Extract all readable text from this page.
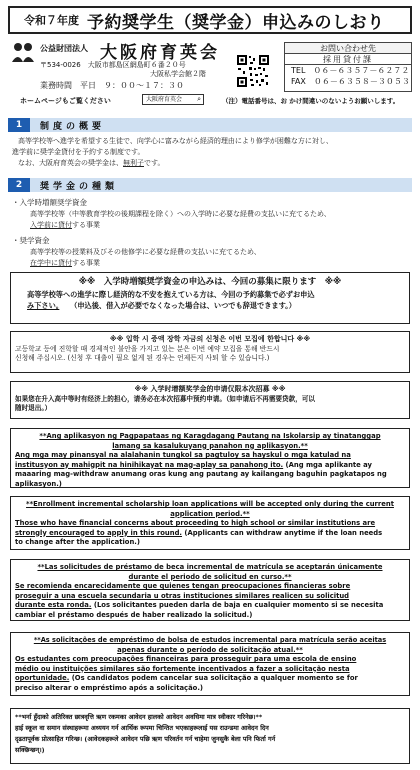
令和７年度 予約奨学生（奨学金）申込みのしおり
公益財団法人 大阪府育英会
〒534-0026　大阪市都島区網島町６番２０号
大阪私学会館２階
業務時間　平日　９：００～１７：３０
ホームページもご覧ください	大阪府育英会 ⌕	（注）電話番号は、お かけ間違いのないようお願いします。
お問い合わせ先
採用貸付課
TEL　０６－６３５７－６２７２
FAX　０６－６３５８－３０５３
1	制度の概要
高等学校等へ進学を希望する生徒で、向学心に富みながら経済的理由により修学が困難な方に対し、
進学前に奨学金貸付を予約する制度です。
なお、大阪府育英会の奨学金は、無利子です。
2	奨学金の種類
・入学時増額奨学資金
高等学校等（中等教育学校の後期課程を除く）への入学時に必要な経費の支払いに充てるため、
入学前に貸付する事業
・奨学資金
高等学校等の授業料及びその他修学に必要な経費の支払いに充てるため、
在学中に貸付する事業
※※　入学時増額奨学資金の申込みは、今回の募集に限ります　※※
高等学校等への進学に際し経済的な不安を抱えている方は、今回の予約募集で必ずお申込
み下さい。　　 （申込後、借入が必要でなくなった場合は、いつでも辞退できます。）
※※ 입학 시 증액 장학 자금의 신청은 이번 모집에 한합니다 ※※
고등학교 등에 진학할 때 경제적인 불안을 가지고 있는 분은 이번 예약 모집을 통해 반드시
신청해 주십시오. (신청 후 대출이 필요 없게 된 경우는 언제든지 사퇴 할 수 있습니다.)
※※ 入学时增额奖学金的申请仅限本次招募 ※※
如果您在升入高中等时有经济上的担心，请务必在本次招募中预约申请。（如申请后不再需要贷款，可以
随时退出。）
**Ang aplikasyon ng Pagpapataas ng Karagdagang Pautang na Iskolarsip ay tinatanggap
lamang sa kasalukuyang panahon ng aplikasyon.**
Ang mga may pinansyal na alalahanin tungkol sa pagtuloy sa hayskul o mga katulad na
institusyon ay mahigpit na hinihikayat na mag-aplay sa panahong ito. (Ang mga aplikante ay
maaaring mag-withdraw anumang oras kung ang pautang ay kailangang baguhin pagkatapos ng
aplikasyon.)
**Enrollment incremental scholarship loan applications will be accepted only during the current
application period.**
Those who have financial concerns about proceeding to high school or similar institutions are
strongly encouraged to apply in this round. (Applicants can withdraw anytime if the loan needs
to change after the application.)
**Las solicitudes de préstamo de beca incremental de matrícula se aceptarán únicamente
durante el periodo de solicitud en curso.**
Se recomienda encarecidamente que quienes tengan preocupaciones financieras sobre
proseguir a una escuela secundaria u otras instituciones similares realicen su solicitud
durante esta ronda. (Los solicitantes pueden darla de baja en cualquier momento si se necesita
cambiar el préstamo después de haber realizado la solicitud.)
**As solicitações de empréstimo de bolsa de estudos incremental para matrícula serão aceitas
apenas durante o período de solicitação atual.**
Os estudantes com preocupações financeiras para prosseguir para uma escola de ensino
médio ou instituições similares são fortemente incentivados a fazer a solicitação nesta
oportunidade. (Os candidatos podem cancelar sua solicitação a qualquer momento se for
preciso alterar o empréstimo após a solicitação.)
**भर्ना हुँदाको अतिरिक्त छात्रवृत्ति ऋण रकमका आवेदन हालको आवेदन अवधिमा मात्र स्वीकार गरिनेछ।**
हाई स्कूल वा समान संस्थाहरूमा अध्ययन गर्न आर्थिक रूपमा चिन्तित भएकाहरूलाई यस राउन्डमा आवेदन दिन
दृढतापूर्वक प्रोत्साहित गरिन्छ। (आवेदकहरूले आवेदन पछि ऋण परिवर्तन गर्न चाहेमा जुनसुकै बेला पनि फिर्ता गर्न
सक्छिन्छन्।)
